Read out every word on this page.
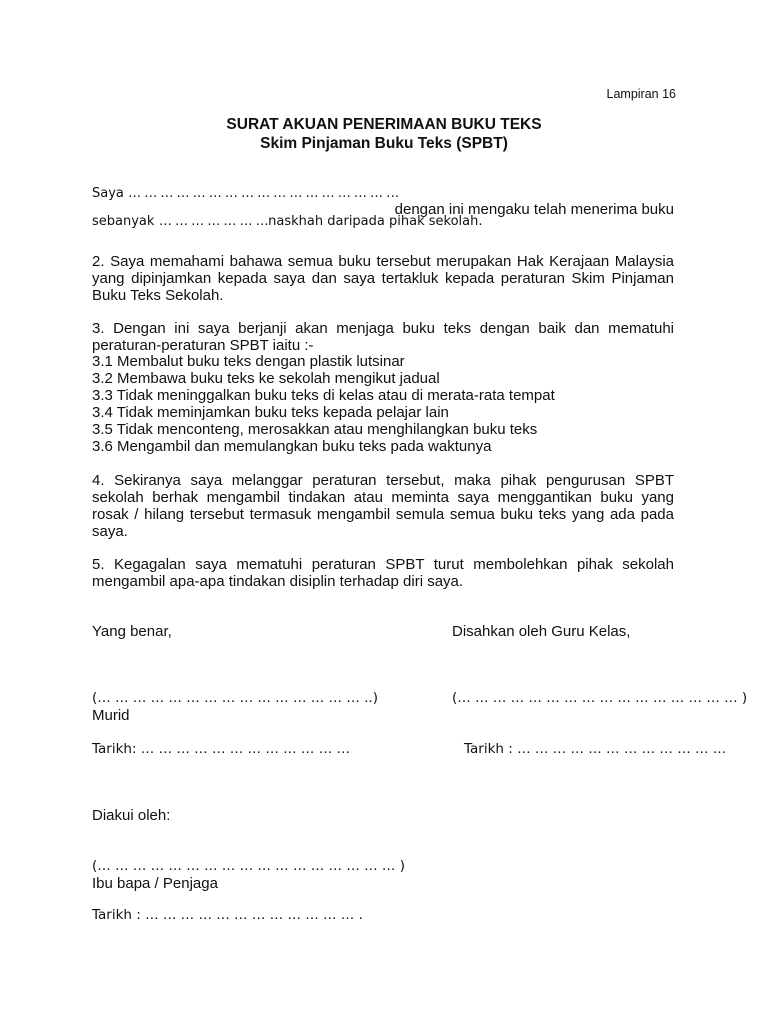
Lampiran 16
SURAT AKUAN PENERIMAAN BUKU TEKS
Skim Pinjaman Buku Teks (SPBT)
Saya … … … … … … … … … … … … … … … … …
dengan ini mengaku telah menerima buku
sebanyak … … … … … … …naskhah daripada pihak sekolah.
2. Saya memahami bahawa semua buku tersebut merupakan Hak Kerajaan Malaysia yang dipinjamkan kepada saya dan saya tertakluk kepada peraturan Skim Pinjaman Buku Teks Sekolah.
3. Dengan ini saya berjanji akan menjaga buku teks dengan baik dan mematuhi peraturan-peraturan SPBT iaitu :-
3.1 Membalut buku teks dengan plastik lutsinar
3.2 Membawa buku teks ke sekolah mengikut jadual
3.3 Tidak meninggalkan buku teks di kelas atau di merata-rata tempat
3.4 Tidak meminjamkan buku teks kepada pelajar lain
3.5 Tidak menconteng, merosakkan atau menghilangkan buku teks
3.6 Mengambil dan memulangkan buku teks pada waktunya
4. Sekiranya saya melanggar peraturan tersebut, maka pihak pengurusan SPBT sekolah berhak mengambil tindakan atau meminta saya menggantikan buku yang rosak / hilang tersebut termasuk mengambil semula semua buku teks yang ada pada saya.
5. Kegagalan saya mematuhi peraturan SPBT turut membolehkan pihak sekolah mengambil apa-apa tindakan disiplin terhadap diri saya.
Yang benar,	Disahkan oleh Guru Kelas,
(… … … … … … … … … … … … … … … ..)	(… … … … … … … … … … … … … … … … )
Murid
Tarikh: … … … … … … … … … … … …	Tarikh : … … … … … … … … … … … …
Diakui oleh:
(… … … … … … … … … … … … … … … … … )
Ibu bapa / Penjaga
Tarikh : … … … … … … … … … … … … .
